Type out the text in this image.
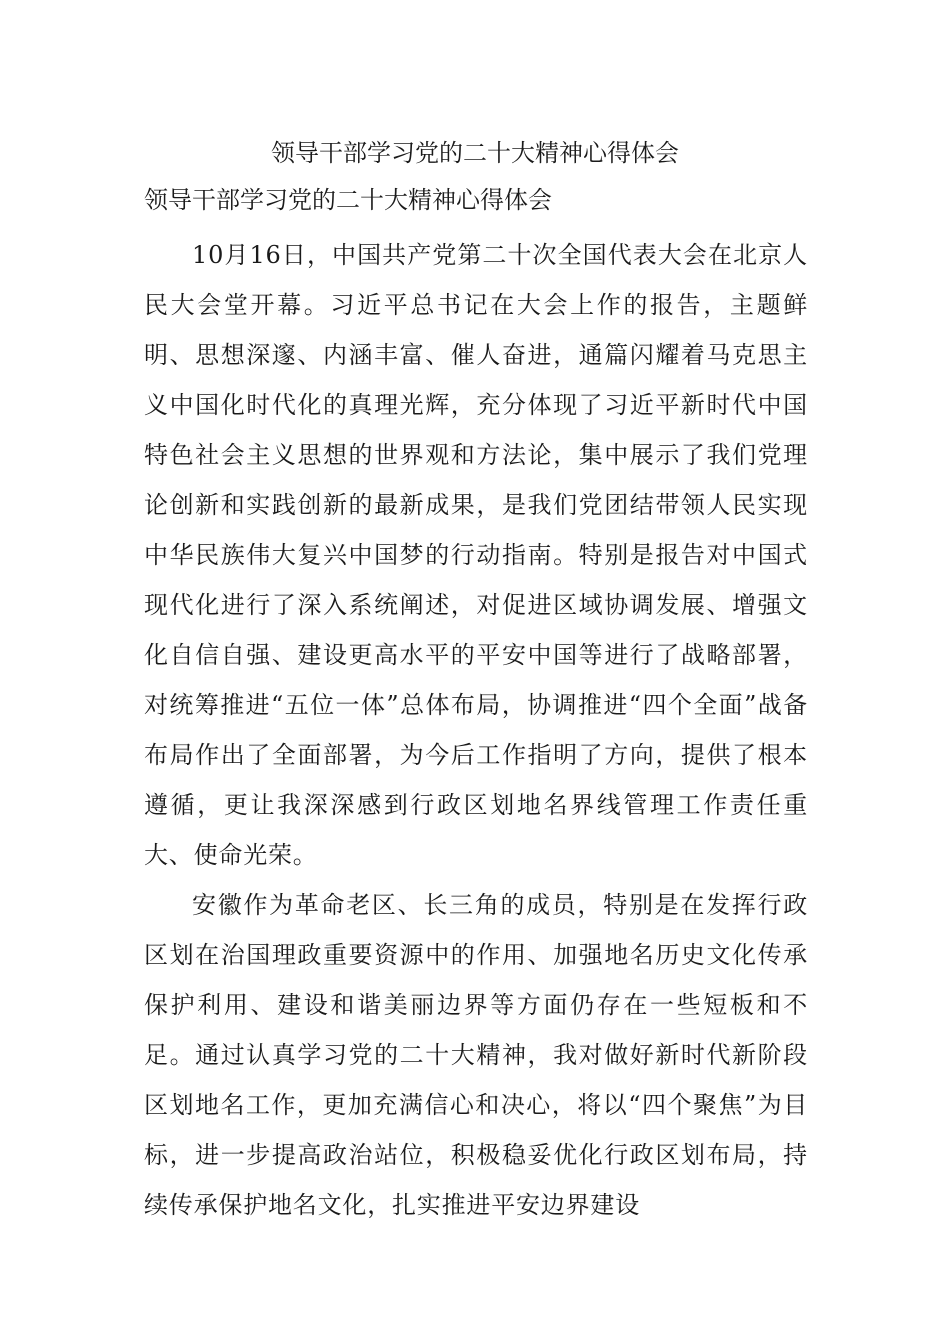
领导干部学习党的二十大精神心得体会
领导干部学习党的二十大精神心得体会

10月16日，中国共产党第二十次全国代表大会在北京人民大会堂开幕。习近平总书记在大会上作的报告，主题鲜明、思想深邃、内涵丰富、催人奋进，通篇闪耀着马克思主义中国化时代化的真理光辉，充分体现了习近平新时代中国特色社会主义思想的世界观和方法论，集中展示了我们党理论创新和实践创新的最新成果，是我们党团结带领人民实现中华民族伟大复兴中国梦的行动指南。特别是报告对中国式现代化进行了深入系统阐述，对促进区域协调发展、增强文化自信自强、建设更高水平的平安中国等进行了战略部署，对统筹推进“五位一体”总体布局，协调推进“四个全面”战备布局作出了全面部署，为今后工作指明了方向，提供了根本遵循，更让我深深感到行政区划地名界线管理工作责任重大、使命光荣。

安徽作为革命老区、长三角的成员，特别是在发挥行政区划在治国理政重要资源中的作用、加强地名历史文化传承保护利用、建设和谐美丽边界等方面仍存在一些短板和不足。通过认真学习党的二十大精神，我对做好新时代新阶段区划地名工作，更加充满信心和决心，将以“四个聚焦”为目标，进一步提高政治站位，积极稳妥优化行政区划布局，持续传承保护地名文化，扎实推进平安边界建设
